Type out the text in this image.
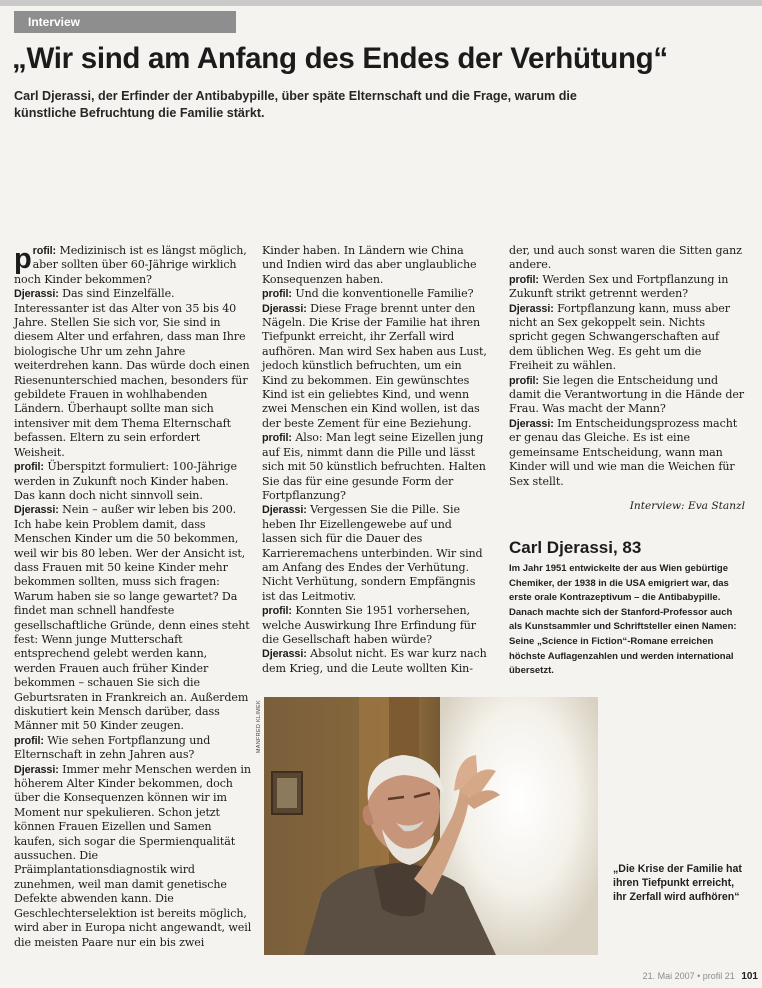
Interview
„Wir sind am Anfang des Endes der Verhütung“

Carl Djerassi, der Erfinder der Antibabypille, über späte Elternschaft und die Frage, warum die künstliche Befruchtung die Familie stärkt.

p rofil: Medizinisch ist es längst möglich, aber sollten über 60-Jährige wirklich noch Kinder bekommen?

Djerassi: Das sind Einzelfälle. Interessanter ist das Alter von 35 bis 40 Jahre. Stellen Sie sich vor, Sie sind in diesem Alter und erfahren, dass man Ihre biologische Uhr um zehn Jahre weiterdrehen kann. Das würde doch einen Riesenunterschied machen, besonders für gebildete Frauen in wohlhabenden Ländern. Überhaupt sollte man sich intensiver mit dem Thema Elternschaft befassen. Eltern zu sein erfordert Weisheit.

profil: Überspitzt formuliert: 100-Jährige werden in Zukunft noch Kinder haben. Das kann doch nicht sinnvoll sein.

Djerassi: Nein – außer wir leben bis 200. Ich habe kein Problem damit, dass Menschen Kinder um die 50 bekommen, weil wir bis 80 leben. Wer der Ansicht ist, dass Frauen mit 50 keine Kinder mehr bekommen sollten, muss sich fragen: Warum haben sie so lange gewartet? Da findet man schnell handfeste gesellschaftliche Gründe, denn eines steht fest: Wenn junge Mutterschaft entsprechend gelebt werden kann, werden Frauen auch früher Kinder bekommen – schauen Sie sich die Geburtsraten in Frankreich an. Außerdem diskutiert kein Mensch darüber, dass Männer mit 50 Kinder zeugen.

profil: Wie sehen Fortpflanzung und Elternschaft in zehn Jahren aus?

Djerassi: Immer mehr Menschen werden in höherem Alter Kinder bekommen, doch über die Konsequenzen können wir im Moment nur spekulieren. Schon jetzt können Frauen Eizellen und Samen kaufen, sich sogar die Spermienqualität aussuchen. Die Präimplantationsdiagnostik wird zunehmen, weil man damit genetische Defekte abwenden kann. Die Geschlechterselektion ist bereits möglich, wird aber in Europa nicht angewandt, weil die meisten Paare nur ein bis zwei

Kinder haben. In Ländern wie China und Indien wird das aber unglaubliche Konsequenzen haben.

profil: Und die konventionelle Familie?

Djerassi: Diese Frage brennt unter den Nägeln. Die Krise der Familie hat ihren Tiefpunkt erreicht, ihr Zerfall wird aufhören. Man wird Sex haben aus Lust, jedoch künstlich befruchten, um ein Kind zu bekommen. Ein gewünschtes Kind ist ein geliebtes Kind, und wenn zwei Menschen ein Kind wollen, ist das der beste Zement für eine Beziehung.

profil: Also: Man legt seine Eizellen jung auf Eis, nimmt dann die Pille und lässt sich mit 50 künstlich befruchten. Halten Sie das für eine gesunde Form der Fortpflanzung?

Djerassi: Vergessen Sie die Pille. Sie heben Ihr Eizellengewebe auf und lassen sich für die Dauer des Karrieremachens unterbinden. Wir sind am Anfang des Endes der Verhütung. Nicht Verhütung, sondern Empfängnis ist das Leitmotiv.

profil: Konnten Sie 1951 vorhersehen, welche Auswirkung Ihre Erfindung für die Gesellschaft haben würde?

Djerassi: Absolut nicht. Es war kurz nach dem Krieg, und die Leute wollten Kin-

der, und auch sonst waren die Sitten ganz andere.

profil: Werden Sex und Fortpflanzung in Zukunft strikt getrennt werden?

Djerassi: Fortpflanzung kann, muss aber nicht an Sex gekoppelt sein. Nichts spricht gegen Schwangerschaften auf dem üblichen Weg. Es geht um die Freiheit zu wählen.

profil: Sie legen die Entscheidung und damit die Verantwortung in die Hände der Frau. Was macht der Mann?

Djerassi: Im Entscheidungsprozess macht er genau das Gleiche. Es ist eine gemeinsame Entscheidung, wann man Kinder will und wie man die Weichen für Sex stellt.

Interview: Eva Stanzl
Carl Djerassi, 83

Im Jahr 1951 entwickelte der aus Wien gebürtige Chemiker, der 1938 in die USA emigriert war, das erste orale Kontrazeptivum – die Antibabypille. Danach machte sich der Stanford-Professor auch als Kunstsammler und Schriftsteller einen Namen: Seine „Science in Fiction“-Romane erreichen höchste Auflagenzahlen und werden international übersetzt.

MANFRED KLIMEK

„Die Krise der Familie hat ihren Tiefpunkt erreicht, ihr Zerfall wird aufhören“

21. Mai 2007 • profil 21 101
